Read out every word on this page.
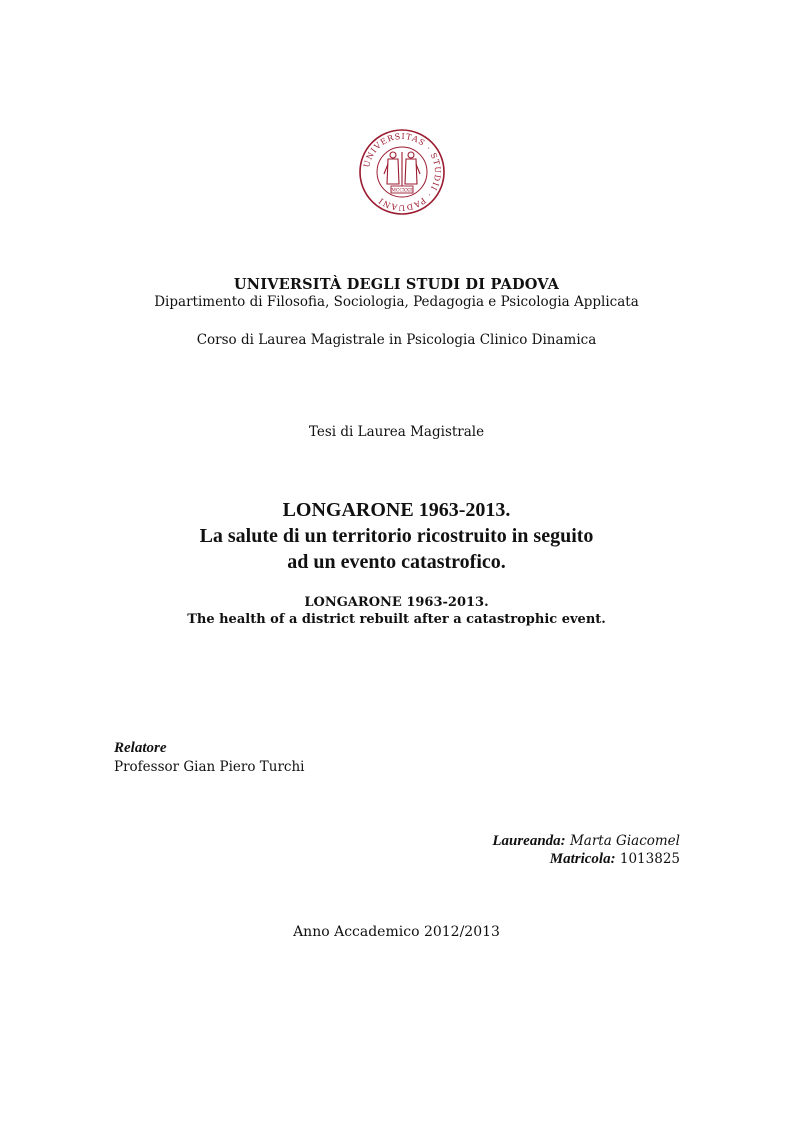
UNIVERSITAS · STUDII · PADUANI
MCCXXII
UNIVERSITÀ DEGLI STUDI DI PADOVA
Dipartimento di Filosofia, Sociologia, Pedagogia e Psicologia Applicata
Corso di Laurea Magistrale in Psicologia Clinico Dinamica
Tesi di Laurea Magistrale
LONGARONE 1963-2013.
La salute di un territorio ricostruito in seguito
ad un evento catastrofico.
LONGARONE 1963-2013.
The health of a district rebuilt after a catastrophic event.
Relatore
Professor Gian Piero Turchi
Laureanda: Marta Giacomel
Matricola: 1013825
Anno Accademico 2012/2013
